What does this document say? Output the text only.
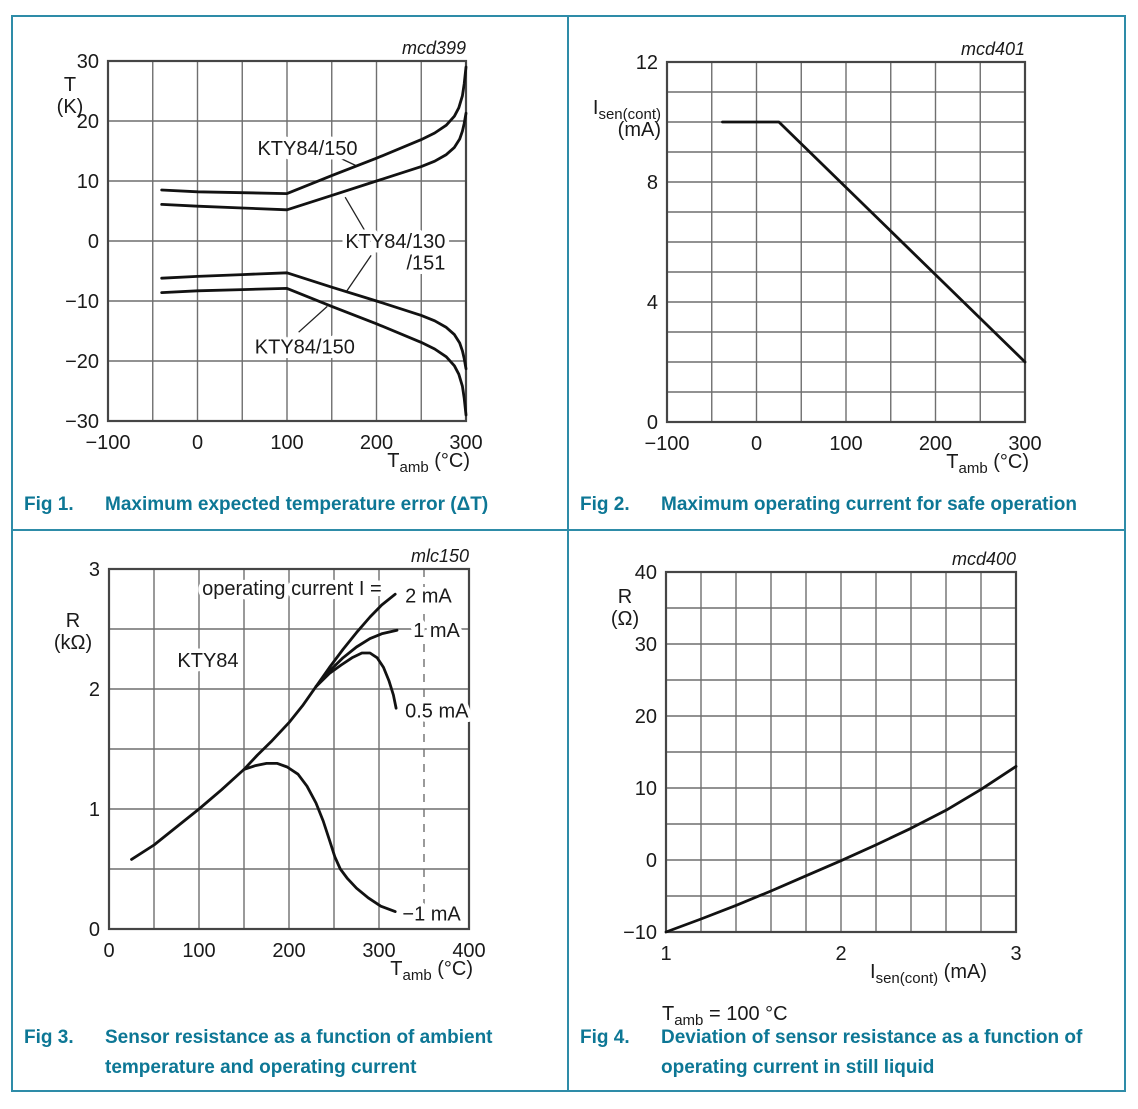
mcd399
−100	0	100	200	300
30
20
10
0
−10
−20
−30
$T_{amb}$ (°C)
T
(K)
KTY84/150
KTY84/130
/151
KTY84/150
Fig 1.	Maximum expected temperature error (ΔT)
mcd401
−100	0	100	200	300
12
8
4
0
$T_{amb}$ (°C)
$I_{sen(cont)}$
(mA)
Fig 2.	Maximum operating current for safe operation
mlc150
0	100	200	300	400
3
2
1
0
$T_{amb}$ (°C)
R
(kΩ)
operating current I = 2 mA
1 mA
0.5 mA
−1 mA
KTY84
Fig 3.	Sensor resistance as a function of ambient temperature and operating current
mcd400
1	2	3
40
30
20
10
0
−10
$I_{sen(cont)}$ (mA)
R
(Ω)
$T_{amb} = 100$ °C
Fig 4.	Deviation of sensor resistance as a function of operating current in still liquid
